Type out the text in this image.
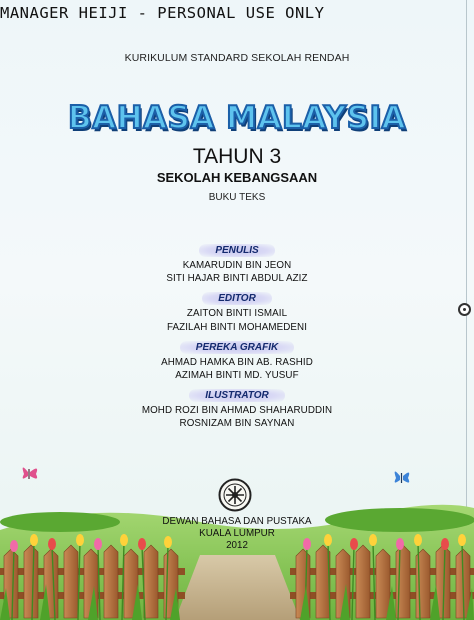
MANAGER HEIJI - PERSONAL USE ONLY
KURIKULUM STANDARD SEKOLAH RENDAH
BAHASA MALAYSIA
TAHUN 3
SEKOLAH KEBANGSAAN
BUKU TEKS
PENULIS
KAMARUDIN BIN JEON
SITI HAJAR BINTI ABDUL AZIZ
EDITOR
ZAITON BINTI ISMAIL
FAZILAH BINTI MOHAMEDENI
PEREKA GRAFIK
AHMAD HAMKA BIN AB. RASHID
AZIMAH BINTI MD. YUSUF
ILUSTRATOR
MOHD ROZI BIN AHMAD SHAHARUDDIN
ROSNIZAM BIN SAYNAN
DEWAN BAHASA DAN PUSTAKA
KUALA LUMPUR
2012
